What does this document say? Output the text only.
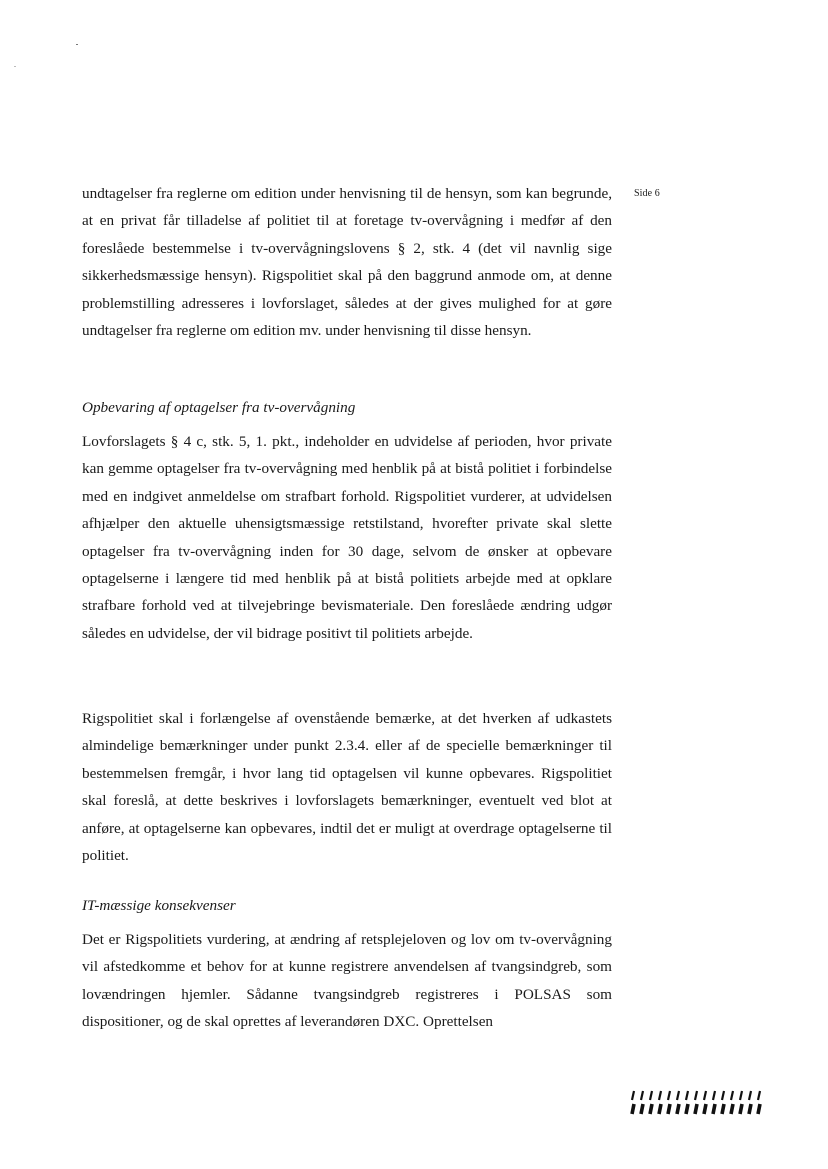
Side 6

undtagelser fra reglerne om edition under henvisning til de hensyn, som kan begrunde, at en privat får tilladelse af politiet til at foretage tv-overvågning i medfør af den foreslåede bestemmelse i tv-overvågningslovens § 2, stk. 4 (det vil navnlig sige sikkerhedsmæssige hensyn). Rigspolitiet skal på den baggrund anmode om, at denne problemstilling adresseres i lovforslaget, således at der gives mulighed for at gøre undtagelser fra reglerne om edition mv. under henvisning til disse hensyn.

Opbevaring af optagelser fra tv-overvågning

Lovforslagets § 4 c, stk. 5, 1. pkt., indeholder en udvidelse af perioden, hvor private kan gemme optagelser fra tv-overvågning med henblik på at bistå politiet i forbindelse med en indgivet anmeldelse om strafbart forhold. Rigspolitiet vurderer, at udvidelsen afhjælper den aktuelle uhensigtsmæssige retstilstand, hvorefter private skal slette optagelser fra tv-overvågning inden for 30 dage, selvom de ønsker at opbevare optagelserne i længere tid med henblik på at bistå politiets arbejde med at opklare strafbare forhold ved at tilvejebringe bevismateriale. Den foreslåede ændring udgør således en udvidelse, der vil bidrage positivt til politiets arbejde.

Rigspolitiet skal i forlængelse af ovenstående bemærke, at det hverken af udkastets almindelige bemærkninger under punkt 2.3.4. eller af de specielle bemærkninger til bestemmelsen fremgår, i hvor lang tid optagelsen vil kunne opbevares. Rigspolitiet skal foreslå, at dette beskrives i lovforslagets bemærkninger, eventuelt ved blot at anføre, at optagelserne kan opbevares, indtil det er muligt at overdrage optagelserne til politiet.

IT-mæssige konsekvenser

Det er Rigspolitiets vurdering, at ændring af retsplejeloven og lov om tv-overvågning vil afstedkomme et behov for at kunne registrere anvendelsen af tvangsindgreb, som lovændringen hjemler. Sådanne tvangsindgreb registreres i POLSAS som dispositioner, og de skal oprettes af leverandøren DXC. Oprettelsen
